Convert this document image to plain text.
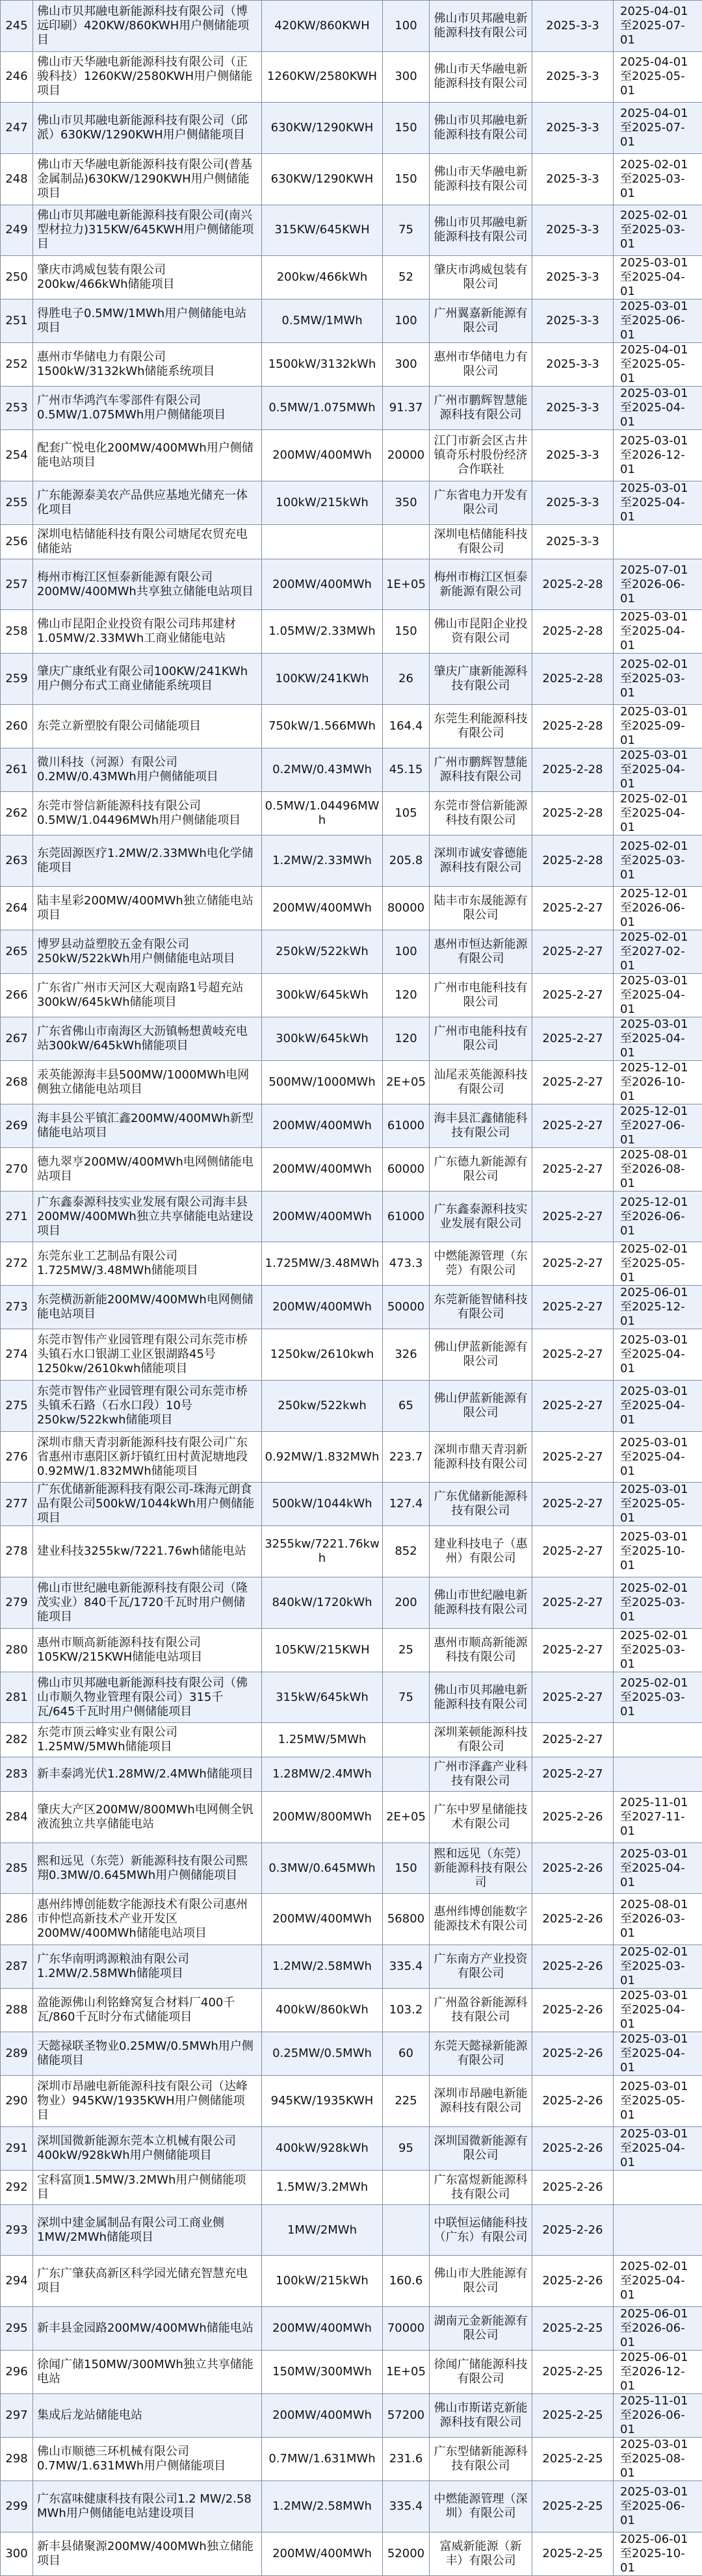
245	佛山市贝邦融电新能源科技有限公司（博远印刷）420KW/860KWH用户侧储能项目	420KW/860KWH	100	佛山市贝邦融电新能源科技有限公司	2025-3-3	2025-04-01至2025-07-01
246	佛山市天华融电新能源科技有限公司（正骏科技）1260KW/2580KWH用户侧储能项目	1260KW/2580KWH	300	佛山市天华融电新能源科技有限公司	2025-3-3	2025-04-01至2025-05-01
247	佛山市贝邦融电新能源科技有限公司（邱派）630KW/1290KWH用户侧储能项目	630KW/1290KWH	150	佛山市贝邦融电新能源科技有限公司	2025-3-3	2025-04-01至2025-07-01
248	佛山市天华融电新能源科技有限公司(普基金属制品)630KW/1290KWH用户侧储能项目	630KW/1290KWH	150	佛山市天华融电新能源科技有限公司	2025-3-3	2025-02-01至2025-03-01
249	佛山市贝邦融电新能源科技有限公司(南兴型材拉力)315KW/645KWH用户侧储能项目	315KW/645KWH	75	佛山市贝邦融电新能源科技有限公司	2025-3-3	2025-02-01至2025-03-01
250	肇庆市鸿威包装有限公司200kw/466kWh储能项目	200kw/466kWh	52	肇庆市鸿威包装有限公司	2025-3-3	2025-03-01至2025-04-01
251	得胜电子0.5MW/1MWh用户侧储能电站项目	0.5MW/1MWh	100	广州翼嘉新能源有限公司	2025-3-3	2025-03-01至2025-06-01
252	惠州市华储电力有限公司1500kW/3132kWh储能系统项目	1500kW/3132kWh	300	惠州市华储电力有限公司	2025-3-3	2025-04-01至2025-05-01
253	广州市华鸿汽车零部件有限公司0.5MW/1.075MWh用户侧储能项目	0.5MW/1.075MWh	91.37	广州市鹏辉智慧能源科技有限公司	2025-3-3	2025-03-01至2025-04-01
254	配套广悦电化200MW/400MWh用户侧储能电站项目	200MW/400MWh	20000	江门市新会区古井镇奇乐村股份经济合作联社	2025-3-3	2025-03-01至2026-12-01
255	广东能源泰美农产品供应基地光储充一体化项目	100kW/215kWh	350	广东省电力开发有限公司	2025-3-3	2025-03-01至2025-04-01
256	深圳电桔储能科技有限公司塘尾农贸充电储能站			深圳电桔储能科技有限公司	2025-3-3	
257	梅州市梅江区恒泰新能源有限公司200MW/400MWh共享独立储能电站项目	200MW/400MWh	1E+05	梅州市梅江区恒泰新能源有限公司	2025-2-28	2025-07-01至2026-06-01
258	佛山市昆阳企业投资有限公司玮邦建材1.05MW/2.33MWh工商业储能电站	1.05MW/2.33MWh	150	佛山市昆阳企业投资有限公司	2025-2-28	2025-03-01至2025-04-01
259	肇庆广康纸业有限公司100KW/241KWh用户侧分布式工商业储能系统项目	100KW/241KWh	26	肇庆广康新能源科技有限公司	2025-2-28	2025-02-01至2025-03-01
260	东莞立新塑胶有限公司储能项目	750kW/1.566MWh	164.4	东莞生利能源科技有限公司	2025-2-28	2025-03-01至2025-09-01
261	微川科技（河源）有限公司0.2MW/0.43MWh用户侧储能项目	0.2MW/0.43MWh	45.15	广州市鹏辉智慧能源科技有限公司	2025-2-28	2025-03-01至2025-04-01
262	东莞市誉信新能源科技有限公司0.5MW/1.04496MWh用户侧储能项目	0.5MW/1.04496MWh	105	东莞市誉信新能源科技有限公司	2025-2-28	2025-02-01至2025-04-01
263	东莞固源医疗1.2MW/2.33MWh电化学储能项目	1.2MW/2.33MWh	205.8	深圳市诚安睿德能源科技有限公司	2025-2-28	2025-02-01至2025-03-01
264	陆丰星彩200MW/400MWh独立储能电站项目	200MW/400MWh	80000	陆丰市东晟能源有限公司	2025-2-27	2025-12-01至2026-06-01
265	博罗县动益塑胶五金有限公司250kW/522kWh用户侧储能电站项目	250kW/522kWh	100	惠州市恒达新能源有限公司	2025-2-27	2025-02-01至2027-02-01
266	广东省广州市天河区大观南路1号超充站300kW/645kWh储能项目	300kW/645kWh	120	广州市电能科技有限公司	2025-2-27	2025-03-01至2025-04-01
267	广东省佛山市南海区大沥镇畅想黄岐充电站300kW/645kWh储能项目	300kW/645kWh	120	广州市电能科技有限公司	2025-2-27	2025-03-01至2025-04-01
268	汞英能源海丰县500MW/1000MWh电网侧独立储能电站项目	500MW/1000MWh	2E+05	汕尾汞英能源科技有限公司	2025-2-27	2025-12-01至2026-10-01
269	海丰县公平镇汇鑫200MW/400MWh新型储能电站项目	200MW/400MWh	61000	海丰县汇鑫储能科技有限公司	2025-2-27	2025-12-01至2027-06-01
270	德九翠亨200MW/400MWh电网侧储能电站项目	200MW/400MWh	60000	广东德九新能源有限公司	2025-2-27	2025-08-01至2026-08-01
271	广东鑫泰源科技实业发展有限公司海丰县200MW/400MWh独立共享储能电站建设项目	200MW/400MWh	61000	广东鑫泰源科技实业发展有限公司	2025-2-27	2025-12-01至2026-06-01
272	东莞东业工艺制品有限公司1.725MW/3.48MWh储能项目	1.725MW/3.48MWh	473.3	中燃能源管理（东莞）有限公司	2025-2-27	2025-02-01至2025-05-01
273	东莞横沥新能200MW/400MWh电网侧储能电站项目	200MW/400MWh	50000	东莞新能智储科技有限公司	2025-2-27	2025-06-01至2025-12-01
274	东莞市智伟产业园管理有限公司东莞市桥头镇石水口银湖工业区银湖路45号1250kw/2610kwh储能项目	1250kw/2610kwh	326	佛山伊蓝新能源有限公司	2025-2-27	2025-03-01至2025-04-01
275	东莞市智伟产业园管理有限公司东莞市桥头镇禾石路（石水口段）10号250kw/522kwh储能项目	250kw/522kwh	65	佛山伊蓝新能源有限公司	2025-2-27	2025-03-01至2025-04-01
276	深圳市鼎天青羽新能源科技有限公司广东省惠州市惠阳区新圩镇红田村黄泥塘地段0.92MW/1.832MWh储能项目	0.92MW/1.832MWh	223.7	深圳市鼎天青羽新能源科技有限公司	2025-2-27	2025-03-01至2025-04-01
277	广东优储新能源科技有限公司-珠海元朗食品有限公司500kW/1044kWh用户侧储能项目	500kW/1044kWh	127.4	广东优储新能源科技有限公司	2025-2-27	2025-03-01至2025-05-01
278	建业科技3255kw/7221.76wh储能电站	3255kw/7221.76kwh	852	建业科技电子（惠州）有限公司	2025-2-27	2025-03-01至2025-10-01
279	佛山市世纪融电新能源科技有限公司（隆茂实业）840千瓦/1720千瓦时用户侧储能项目	840kW/1720kWh	200	佛山市世纪融电新能源科技有限公司	2025-2-27	2025-02-01至2025-03-01
280	惠州市顺高新能源科技有限公司105KW/215KWH储能电站项目	105KW/215KWH	25	惠州市顺高新能源科技有限公司	2025-2-27	2025-02-01至2025-03-01
281	佛山市贝邦融电新能源科技有限公司（佛山市顺久物业管理有限公司）315千瓦/645千瓦时用户侧储能项目	315kW/645kWh	75	佛山市贝邦融电新能源科技有限公司	2025-2-27	2025-02-01至2025-03-01
282	东莞市顶云峰实业有限公司1.25MW/5MWh储能项目	1.25MW/5MWh		深圳莱顿能源科技有限公司	2025-2-27	
283	新丰泰鸿光伏1.28MW/2.4MWh储能项目	1.28MW/2.4MWh		广州市泽鑫产业科技有限公司	2025-2-27	
284	肇庆大产区200MW/800MWh电网侧全钒液流独立共享储能电站	200MW/800MWh	2E+05	广东中罗星储能技术有限公司	2025-2-26	2025-11-01至2027-11-01
285	熙和远见（东莞）新能源科技有限公司熙翔0.3MW/0.645MWh用户侧储能项目	0.3MW/0.645MWh	150	熙和远见（东莞）新能源科技有限公司	2025-2-26	2025-03-01至2025-04-01
286	惠州纬博创能数字能源技术有限公司惠州市仲恺高新技术产业开发区200MW/400MWh储能电站项目	200MW/400MWh	56800	惠州纬博创能数字能源技术有限公司	2025-2-26	2025-08-01至2026-03-01
287	广东华南明鸿源粮油有限公司1.2MW/2.58MWh储能项目	1.2MW/2.58MWh	335.4	广东南方产业投资有限公司	2025-2-26	2025-02-01至2025-03-01
288	盈能源佛山利铭蜂窝复合材料厂400千瓦/860千瓦时分布式储能项目	400kW/860kWh	103.2	广州盈谷新能源科技有限公司	2025-2-26	2025-03-01至2025-04-01
289	天懿禄联圣物业0.25MW/0.5MWh用户侧储能项目	0.25MW/0.5MWh	60	东莞天懿禄新能源有限公司	2025-2-26	2025-03-01至2025-04-01
290	深圳市昂融电新能源科技有限公司（达峰物业）945KW/1935KWH用户侧储能项目	945KW/1935KWH	225	深圳市昂融电新能源科技有限公司	2025-2-26	2025-03-01至2025-05-01
291	深圳国微新能源东莞本立机械有限公司400kW/928kWh用户侧储能项目	400kW/928kWh	95	深圳国微新能源有限公司	2025-2-26	2025-03-01至2025-04-01
292	宝科富顶1.5MW/3.2MWh用户侧储能项目	1.5MW/3.2MWh		广东富煜新能源科技有限公司	2025-2-26	
293	深圳中建金属制品有限公司工商业侧1MW/2MWh储能项目	1MW/2MWh		中联恒运储能科技（广东）有限公司	2025-2-26	
294	广东广肇获高新区科学园光储充智慧充电项目	100kW/215kWh	160.6	佛山市大胜能源有限公司	2025-2-26	2025-02-01至2025-04-01
295	新丰县金园路200MW/400MWh储能电站	200MW/400MWh	70000	湖南元金新能源有限公司	2025-2-25	2025-06-01至2026-06-01
296	徐闻广储150MW/300MWh独立共享储能电站	150MW/300MWh	1E+05	徐闻广储能源科技有限公司	2025-2-25	2025-06-01至2026-12-01
297	集成后龙站储能电站	200MW/400MWh	57200	佛山市斯诺克新能源科技有限公司	2025-2-25	2025-11-01至2026-06-01
298	佛山市顺德三环机械有限公司0.7MW/1.631MWh用户侧储能项目	0.7MW/1.631MWh	231.6	广东型储新能源科技有限公司	2025-2-25	2025-03-01至2025-08-01
299	广东富味健康科技有限公司1.2 MW/2.58 MWh用户侧储能电站建设项目	1.2MW/2.58MWh	335.4	中燃能源管理（深圳）有限公司	2025-2-25	2025-03-01至2025-06-01
300	新丰县储聚源200MW/400MWh独立储能项目	200MW/400MWh	52000	富威新能源（新丰）有限公司	2025-2-25	2025-06-01至2025-10-01
